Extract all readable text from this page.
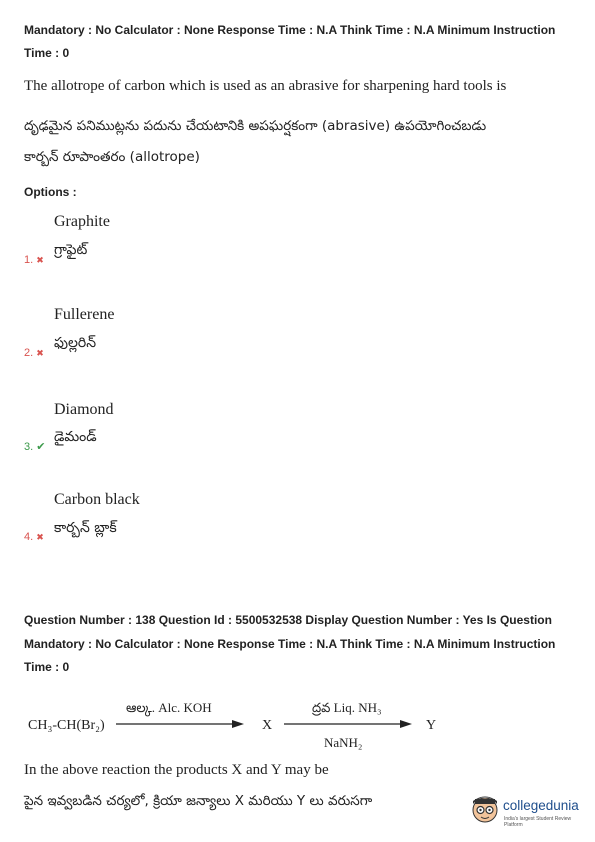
Mandatory : No Calculator : None Response Time : N.A Think Time : N.A Minimum Instruction
Time : 0
The allotrope of carbon which is used as an abrasive for sharpening hard tools is
దృఢమైన పనిముట్లను పదును చేయటానికి అపఘర్షకంగా (abrasive) ఉపయోగించబడు
కార్బన్ రూపాంతరం (allotrope)
Options :
Graphite
గ్రాఫైట్
1. ✖
Fullerene
ఫుల్లరిన్
2. ✖
Diamond
డైమండ్
3. ✔
Carbon black
కార్బన్ బ్లాక్
4. ✖
Question Number : 138 Question Id : 5500532538 Display Question Number : Yes Is Question
Mandatory : No Calculator : None Response Time : N.A Think Time : N.A Minimum Instruction
Time : 0
CH₃-CH(Br₂)
ఆల్క. Alc. KOH
X
ద్రవ Liq. NH₃
NaNH₂
Y
In the above reaction the products X and Y may be
పైన ఇవ్వబడిన చర్యలో, క్రియా జన్యాలు X మరియు Y లు వరుసగా	collegedunia
India's largest Student Review Platform
